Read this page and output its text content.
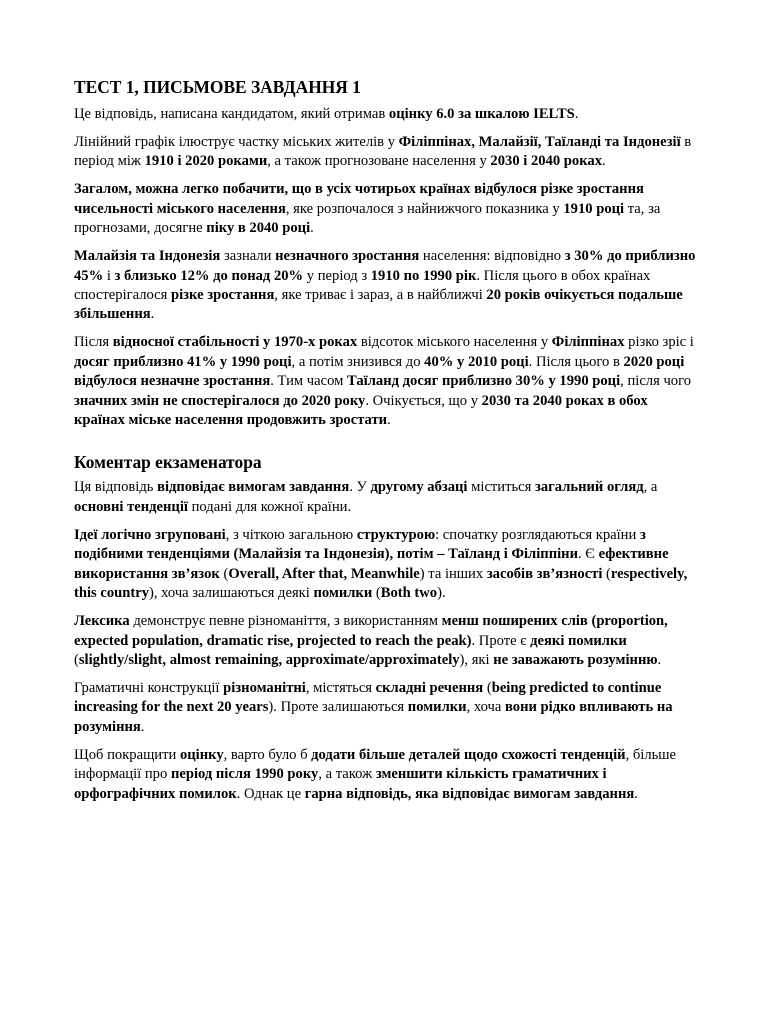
ТЕСТ 1, ПИСЬМОВЕ ЗАВДАННЯ 1

Це відповідь, написана кандидатом, який отримав оцінку 6.0 за шкалою IELTS.

Лінійний графік ілюструє частку міських жителів у Філіппінах, Малайзії, Таїланді та Індонезії в період між 1910 і 2020 роками, а також прогнозоване населення у 2030 і 2040 роках.

Загалом, можна легко побачити, що в усіх чотирьох країнах відбулося різке зростання чисельності міського населення, яке розпочалося з найнижчого показника у 1910 році та, за прогнозами, досягне піку в 2040 році.

Малайзія та Індонезія зазнали незначного зростання населення: відповідно з 30% до приблизно 45% і з близько 12% до понад 20% у період з 1910 по 1990 рік. Після цього в обох країнах спостерігалося різке зростання, яке триває і зараз, а в найближчі 20 років очікується подальше збільшення.

Після відносної стабільності у 1970-х роках відсоток міського населення у Філіппінах різко зріс і досяг приблизно 41% у 1990 році, а потім знизився до 40% у 2010 році. Після цього в 2020 році відбулося незначне зростання. Тим часом Таїланд досяг приблизно 30% у 1990 році, після чого значних змін не спостерігалося до 2020 року. Очікується, що у 2030 та 2040 роках в обох країнах міське населення продовжить зростати.

Коментар екзаменатора

Ця відповідь відповідає вимогам завдання. У другому абзаці міститься загальний огляд, а основні тенденції подані для кожної країни.

Ідеї логічно згруповані, з чіткою загальною структурою: спочатку розглядаються країни з подібними тенденціями (Малайзія та Індонезія), потім – Таїланд і Філіппіни. Є ефективне використання зв’язок (Overall, After that, Meanwhile) та інших засобів зв’язності (respectively, this country), хоча залишаються деякі помилки (Both two).

Лексика демонструє певне різноманіття, з використанням менш поширених слів (proportion, expected population, dramatic rise, projected to reach the peak). Проте є деякі помилки (slightly/slight, almost remaining, approximate/approximately), які не заважають розумінню.

Граматичні конструкції різноманітні, містяться складні речення (being predicted to continue increasing for the next 20 years). Проте залишаються помилки, хоча вони рідко впливають на розуміння.

Щоб покращити оцінку, варто було б додати більше деталей щодо схожості тенденцій, більше інформації про період після 1990 року, а також зменшити кількість граматичних і орфографічних помилок. Однак це гарна відповідь, яка відповідає вимогам завдання.
